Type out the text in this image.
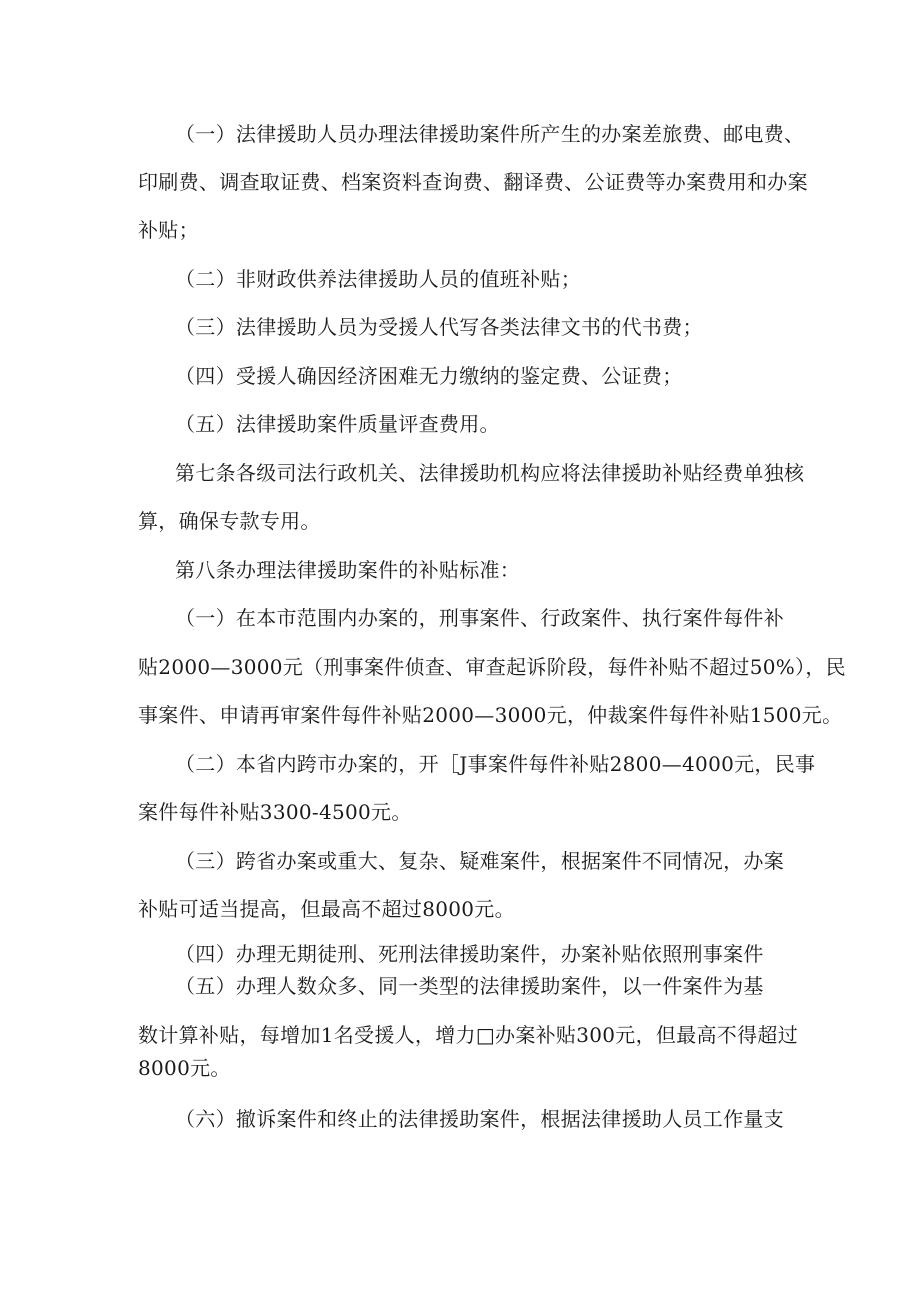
（一）法律援助人员办理法律援助案件所产生的办案差旅费、邮电费、
印刷费、调查取证费、档案资料查询费、翻译费、公证费等办案费用和办案
补贴；
（二）非财政供养法律援助人员的值班补贴；
（三）法律援助人员为受援人代写各类法律文书的代书费；
（四）受援人确因经济困难无力缴纳的鉴定费、公证费；
（五）法律援助案件质量评查费用。
第七条各级司法行政机关、法律援助机构应将法律援助补贴经费单独核
算，确保专款专用。
第八条办理法律援助案件的补贴标准：
（一）在本市范围内办案的，刑事案件、行政案件、执行案件每件补
贴2000—3000元（刑事案件侦查、审查起诉阶段，每件补贴不超过50%），民
事案件、申请再审案件每件补贴2000—3000元，仲裁案件每件补贴1500元。
（二）本省内跨市办案的，开［J事案件每件补贴2800—4000元，民事
案件每件补贴3300-4500元。
（三）跨省办案或重大、复杂、疑难案件，根据案件不同情况，办案
补贴可适当提高，但最高不超过8000元。
（四）办理无期徒刑、死刑法律援助案件，办案补贴依照刑事案件
（五）办理人数众多、同一类型的法律援助案件，以一件案件为基
数计算补贴，每增加1名受援人，增力□办案补贴300元，但最高不得超过
8000元。
（六）撤诉案件和终止的法律援助案件，根据法律援助人员工作量支
